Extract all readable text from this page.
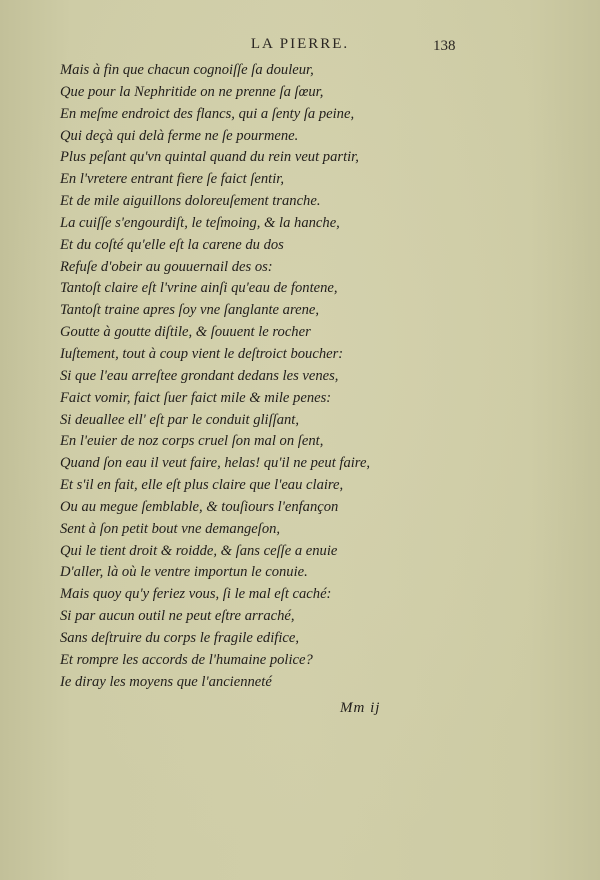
LA PIERRE.	138
Mais à fin que chacun cognoiſſe ſa douleur,
Que pour la Nephritide on ne prenne ſa ſœur,
En meſme endroict des flancs, qui a ſenty ſa peine,
Qui deçà qui delà ferme ne ſe pourmene.
Plus peſant qu'vn quintal quand du rein veut partir,
En l'vretere entrant fiere ſe faict ſentir,
Et de mile aiguillons doloreuſement tranche.
La cuiſſe s'engourdiſt, le teſmoing, & la hanche,
Et du coſté qu'elle eſt la carene du dos
Refuſe d'obeir au gouuernail des os:
Tantoſt claire eſt l'vrine ainſi qu'eau de fontene,
Tantoſt traine apres ſoy vne ſanglante arene,
Goutte à goutte diſtile, & ſouuent le rocher
Iuſtement, tout à coup vient le deſtroict boucher:
Si que l'eau arreſtee grondant dedans les venes,
Faict vomir, faict ſuer faict mile & mile penes:
Si deuallee ell' eſt par le conduit gliſſant,
En l'euier de noz corps cruel ſon mal on ſent,
Quand ſon eau il veut faire, helas! qu'il ne peut faire,
Et s'il en fait, elle eſt plus claire que l'eau claire,
Ou au megue ſemblable, & touſiours l'enfançon
Sent à ſon petit bout vne demangeſon,
Qui le tient droit & roidde, & ſans ceſſe a enuie
D'aller, là où le ventre importun le conuie.
Mais quoy qu'y feriez vous, ſi le mal eſt caché:
Si par aucun outil ne peut eſtre arraché,
Sans deſtruire du corps le fragile edifice,
Et rompre les accords de l'humaine police?
Ie diray les moyens que l'ancienneté
Mm ij
